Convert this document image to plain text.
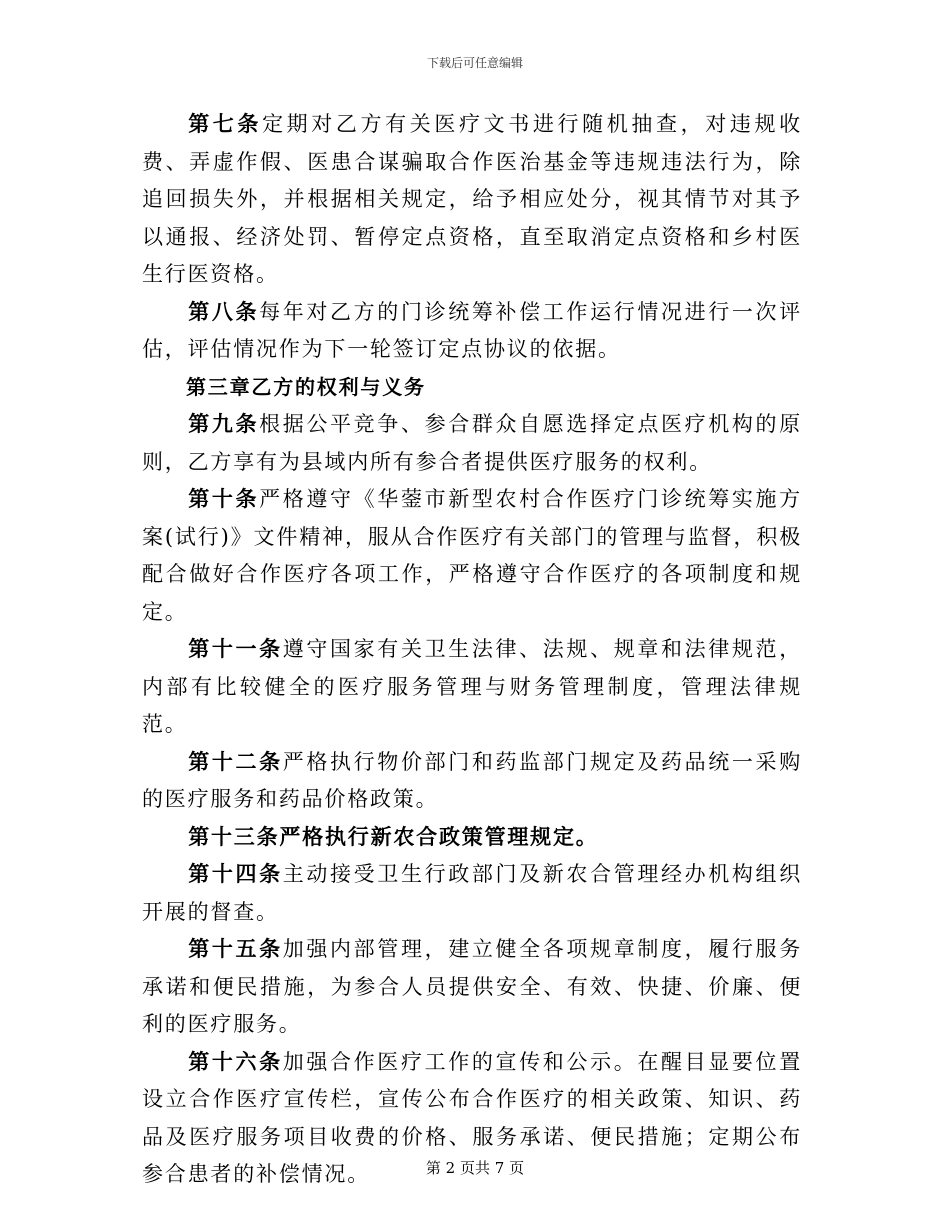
下载后可任意编辑

第七条定期对乙方有关医疗文书进行随机抽查，对违规收费、弄虚作假、医患合谋骗取合作医治基金等违规违法行为，除追回损失外，并根据相关规定，给予相应处分，视其情节对其予以通报、经济处罚、暂停定点资格，直至取消定点资格和乡村医生行医资格。

第八条每年对乙方的门诊统筹补偿工作运行情况进行一次评估，评估情况作为下一轮签订定点协议的依据。

第三章乙方的权利与义务

第九条根据公平竞争、参合群众自愿选择定点医疗机构的原则，乙方享有为县域内所有参合者提供医疗服务的权利。

第十条严格遵守《华蓥市新型农村合作医疗门诊统筹实施方案(试行)》文件精神，服从合作医疗有关部门的管理与监督，积极配合做好合作医疗各项工作，严格遵守合作医疗的各项制度和规定。

第十一条遵守国家有关卫生法律、法规、规章和法律规范，内部有比较健全的医疗服务管理与财务管理制度，管理法律规范。

第十二条严格执行物价部门和药监部门规定及药品统一采购的医疗服务和药品价格政策。

第十三条严格执行新农合政策管理规定。

第十四条主动接受卫生行政部门及新农合管理经办机构组织开展的督查。

第十五条加强内部管理，建立健全各项规章制度，履行服务承诺和便民措施，为参合人员提供安全、有效、快捷、价廉、便利的医疗服务。

第十六条加强合作医疗工作的宣传和公示。在醒目显要位置设立合作医疗宣传栏，宣传公布合作医疗的相关政策、知识、药品及医疗服务项目收费的价格、服务承诺、便民措施；定期公布参合患者的补偿情况。	第 2 页共 7 页
